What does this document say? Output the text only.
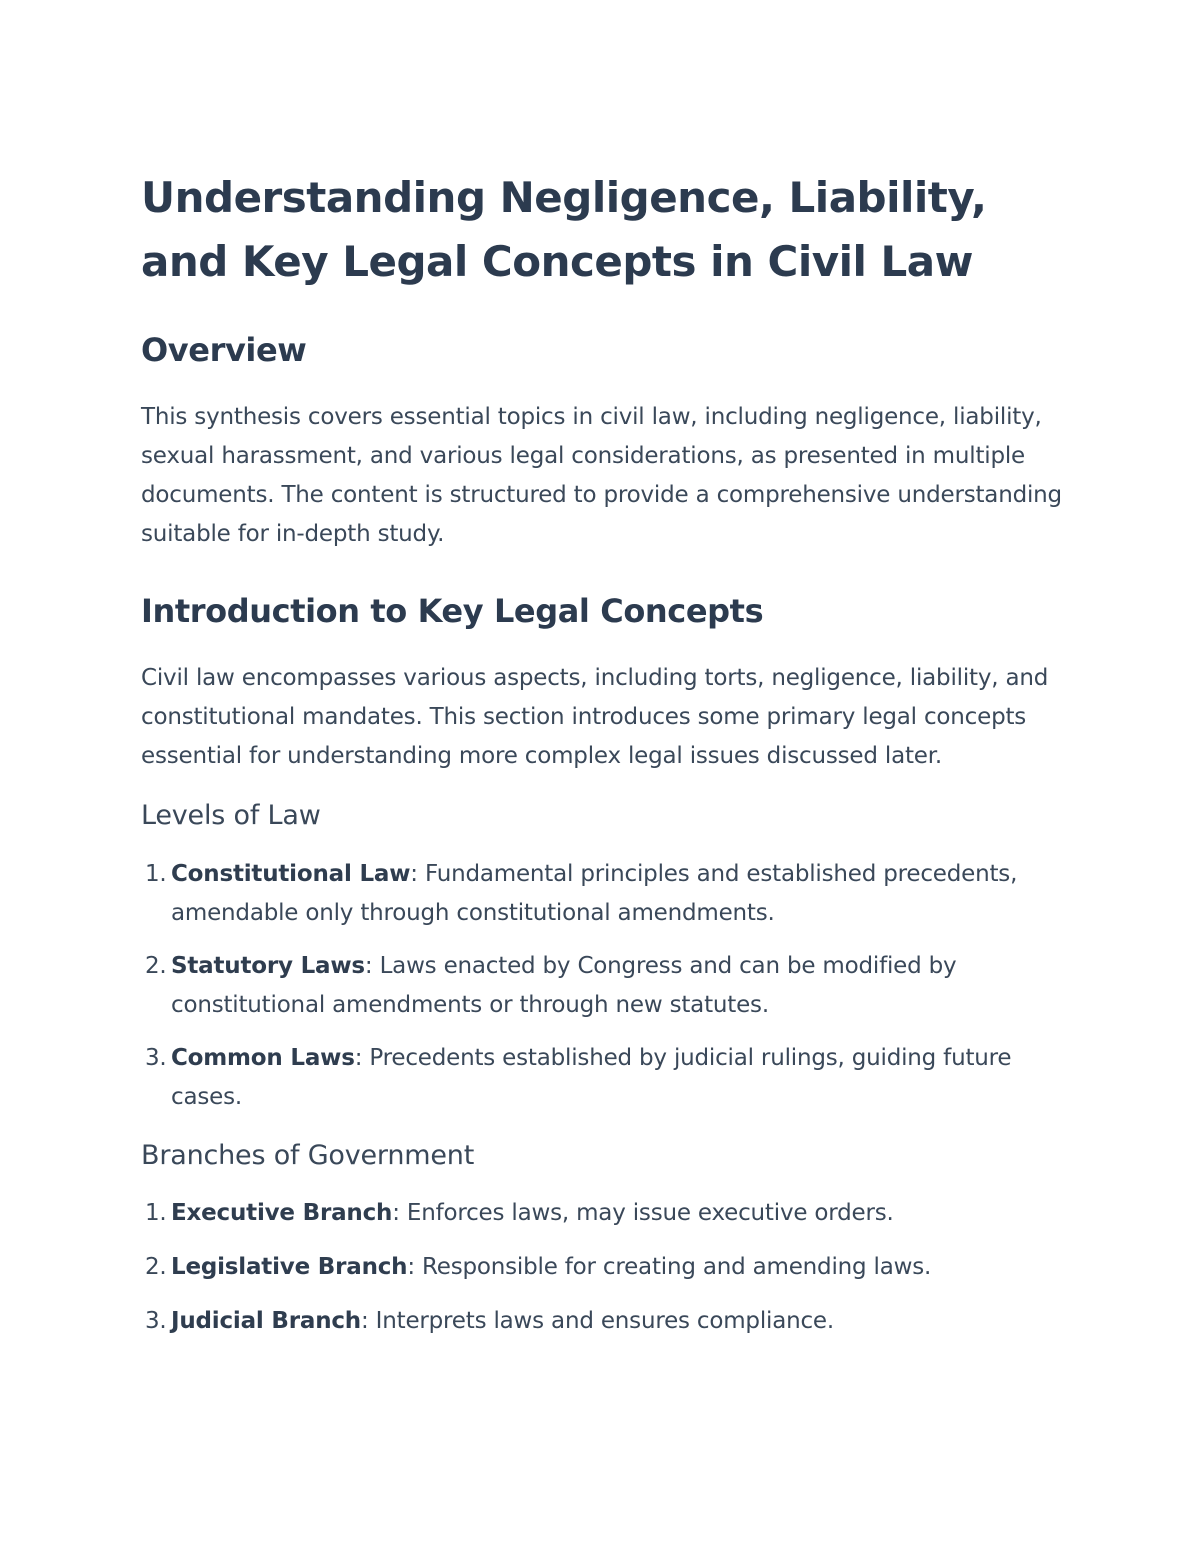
Understanding Negligence, Liability, and Key Legal Concepts in Civil Law
Overview

This synthesis covers essential topics in civil law, including negligence, liability, sexual harassment, and various legal considerations, as presented in multiple documents. The content is structured to provide a comprehensive understanding suitable for in-depth study.

Introduction to Key Legal Concepts

Civil law encompasses various aspects, including torts, negligence, liability, and constitutional mandates. This section introduces some primary legal concepts essential for understanding more complex legal issues discussed later.

Levels of Law
1. Constitutional Law: Fundamental principles and established precedents, amendable only through constitutional amendments.
2. Statutory Laws: Laws enacted by Congress and can be modified by constitutional amendments or through new statutes.
3. Common Laws: Precedents established by judicial rulings, guiding future cases.
Branches of Government
1. Executive Branch: Enforces laws, may issue executive orders.
2. Legislative Branch: Responsible for creating and amending laws.
3. Judicial Branch: Interprets laws and ensures compliance.
